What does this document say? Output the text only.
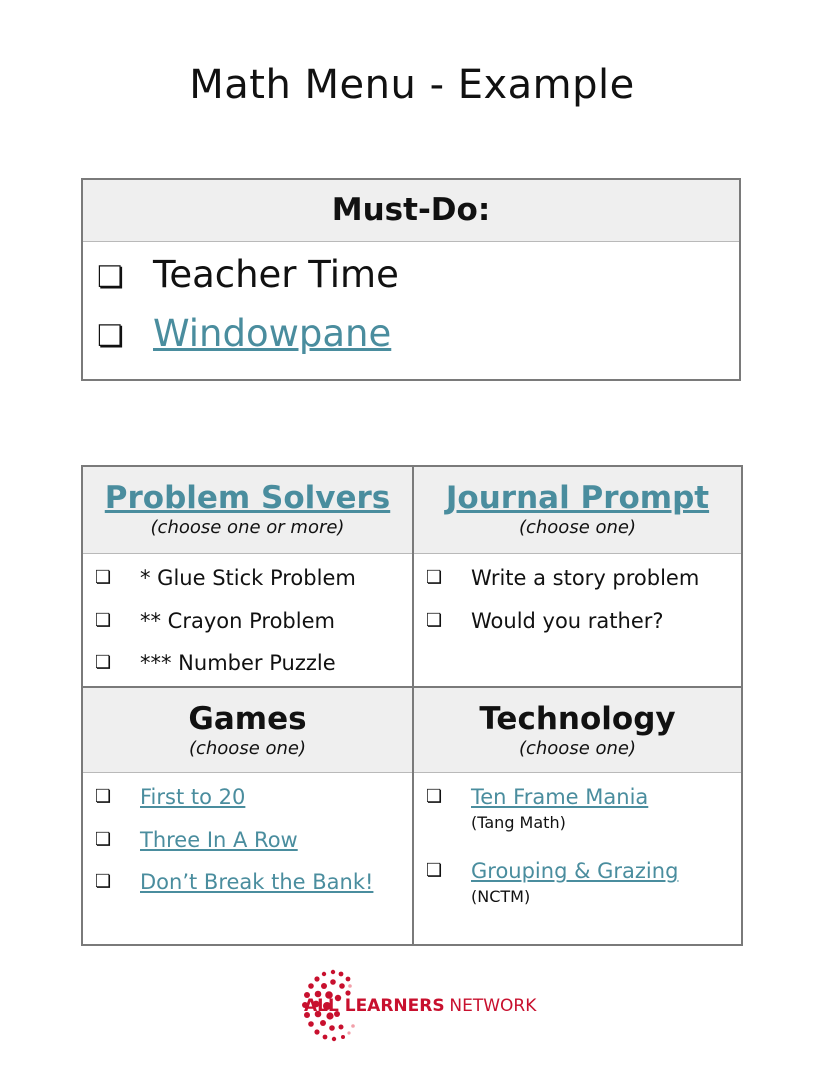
Math Menu - Example
Must-Do:
❏ Teacher Time
❏ Windowpane
Problem Solvers
(choose one or more)
Journal Prompt
(choose one)
❏ * Glue Stick Problem
❏ ** Crayon Problem
❏ *** Number Puzzle
❏ Write a story problem
❏ Would you rather?
Games
(choose one)
Technology
(choose one)
❏ First to 20
❏ Three In A Row
❏ Don’t Break the Bank!
❏ Ten Frame Mania
(Tang Math)
❏ Grouping & Grazing
(NCTM)
ALL LEARNERS NETWORK
